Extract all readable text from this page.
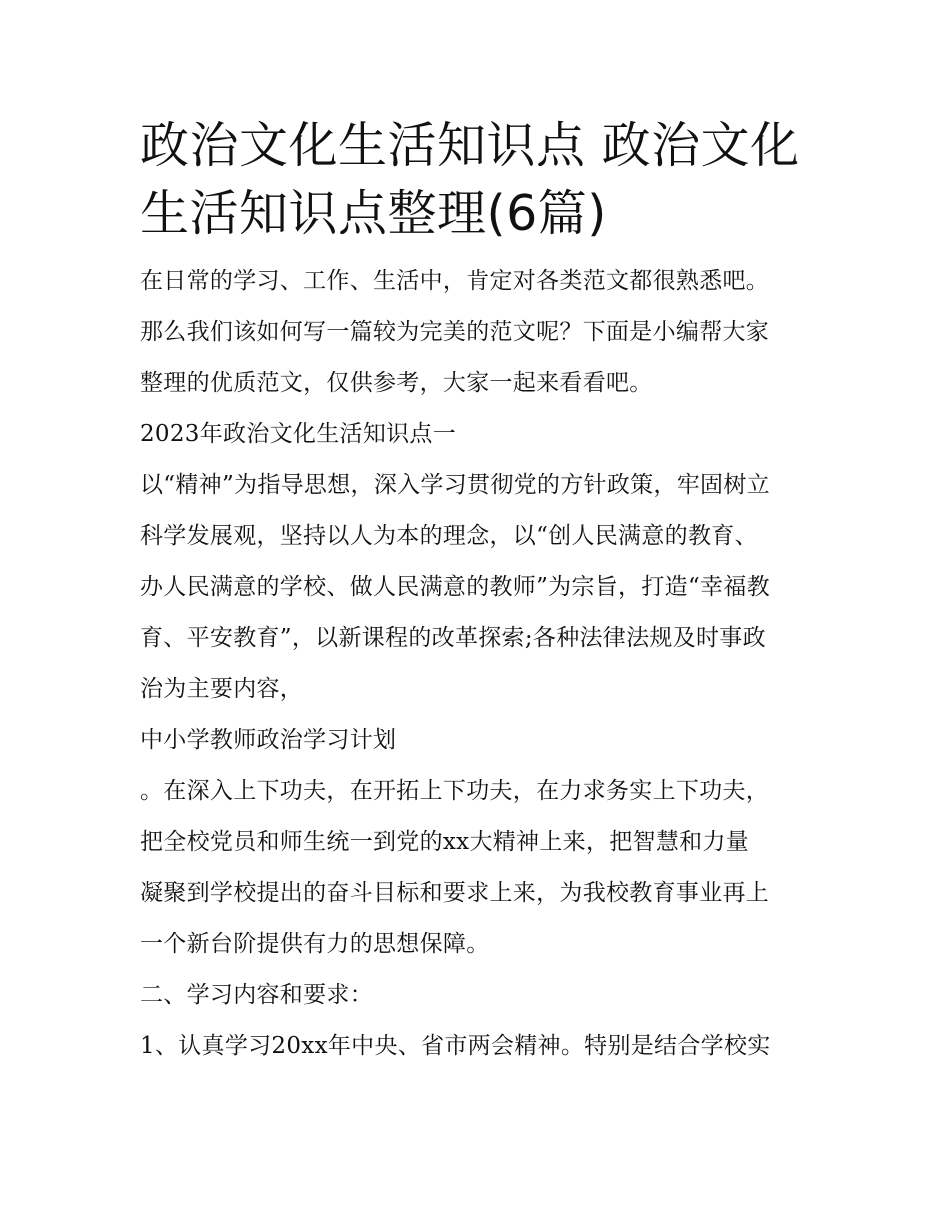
政治文化生活知识点 政治文化
生活知识点整理(6篇)

在日常的学习、工作、生活中，肯定对各类范文都很熟悉吧。
那么我们该如何写一篇较为完美的范文呢？下面是小编帮大家
整理的优质范文，仅供参考，大家一起来看看吧。

2023年政治文化生活知识点一

以“精神”为指导思想，深入学习贯彻党的方针政策，牢固树立
科学发展观，坚持以人为本的理念，以“创人民满意的教育、
办人民满意的学校、做人民满意的教师”为宗旨，打造“幸福教
育、平安教育”，以新课程的改革探索;各种法律法规及时事政
治为主要内容，

中小学教师政治学习计划

。在深入上下功夫，在开拓上下功夫，在力求务实上下功夫，
把全校党员和师生统一到党的xx大精神上来，把智慧和力量
凝聚到学校提出的奋斗目标和要求上来，为我校教育事业再上
一个新台阶提供有力的思想保障。

二、学习内容和要求：

1、认真学习20xx年中央、省市两会精神。特别是结合学校实
